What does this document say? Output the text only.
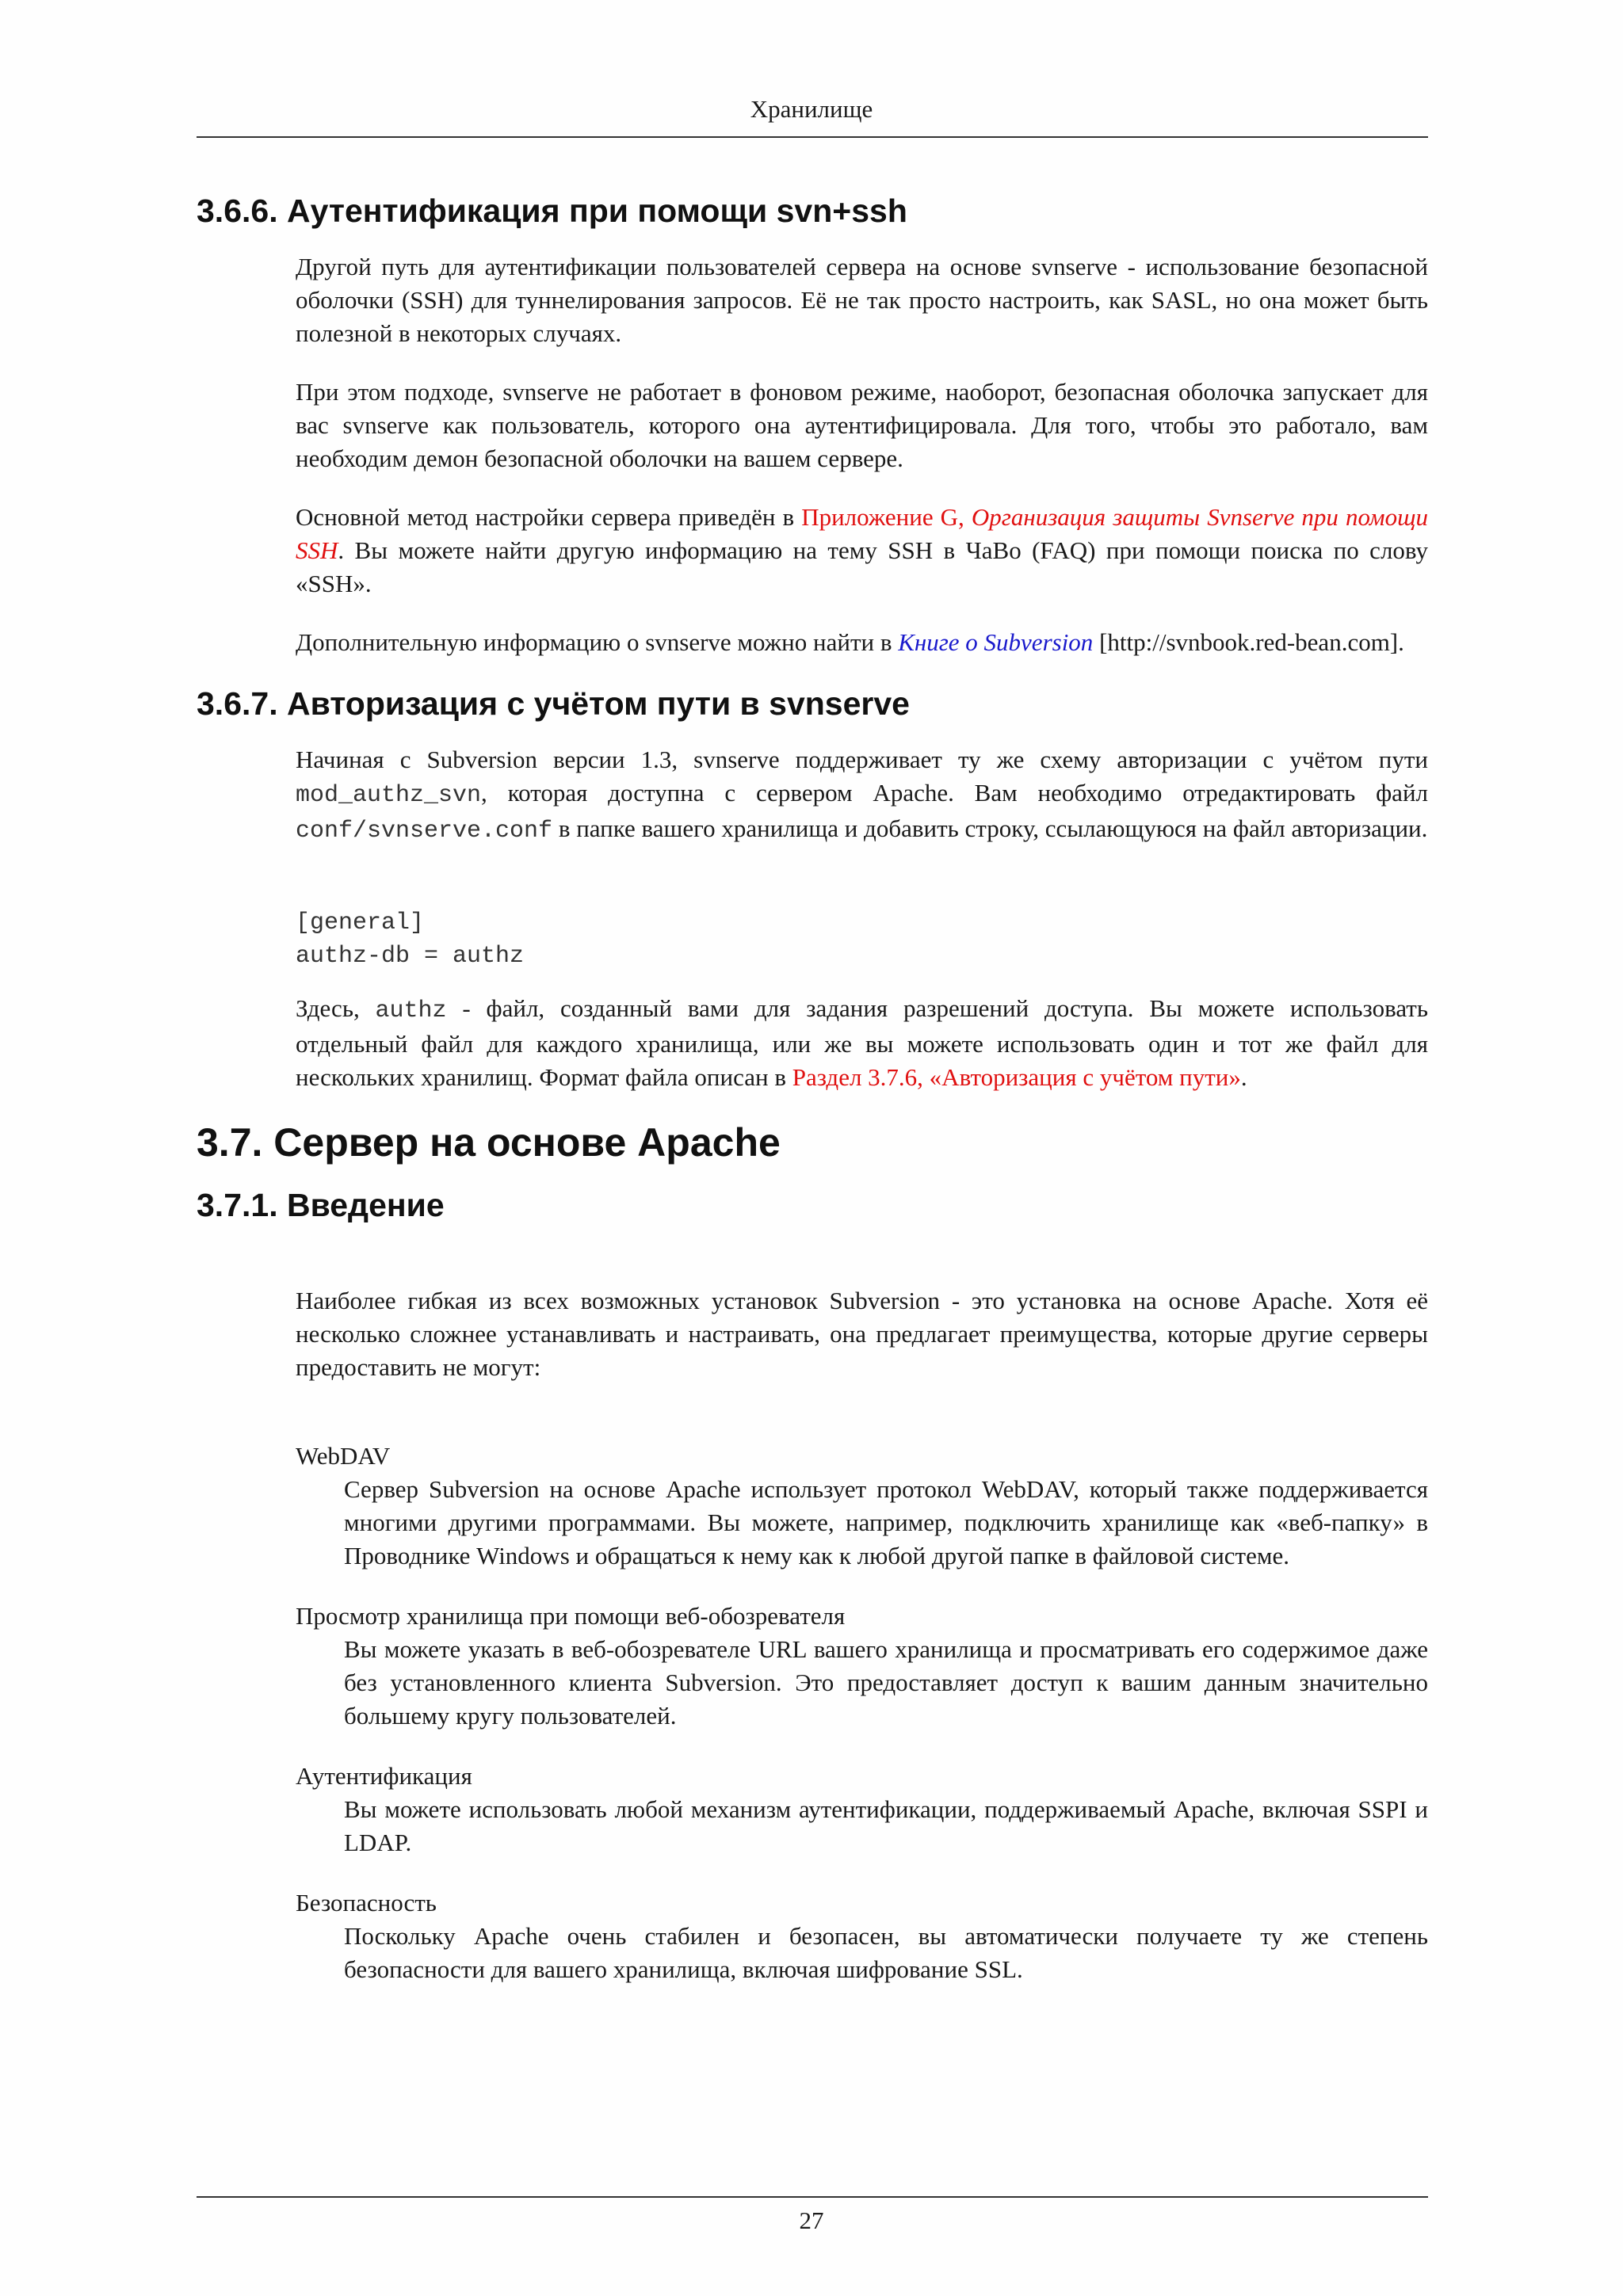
Хранилище
3.6.6. Аутентификация при помощи svn+ssh

Другой путь для аутентификации пользователей сервера на основе svnserve - использование безопасной оболочки (SSH) для туннелирования запросов. Её не так просто настроить, как SASL, но она может быть полезной в некоторых случаях.

При этом подходе, svnserve не работает в фоновом режиме, наоборот, безопасная оболочка запускает для вас svnserve как пользователь, которого она аутентифицировала. Для того, чтобы это работало, вам необходим демон безопасной оболочки на вашем сервере.

Основной метод настройки сервера приведён в Приложение G, Организация защиты Svnserve при помощи SSH. Вы можете найти другую информацию на тему SSH в ЧаВо (FAQ) при помощи поиска по слову «SSH».

Дополнительную информацию о svnserve можно найти в Книге о Subversion [http://svnbook.red-bean.com].

3.6.7. Авторизация с учётом пути в svnserve

Начиная с Subversion версии 1.3, svnserve поддерживает ту же схему авторизации с учётом пути mod_authz_svn, которая доступна с сервером Apache. Вам необходимо отредактировать файл conf/svnserve.conf в папке вашего хранилища и добавить строку, ссылающуюся на файл авторизации.

[general]
authz-db = authz

Здесь, authz - файл, созданный вами для задания разрешений доступа. Вы можете использовать отдельный файл для каждого хранилища, или же вы можете использовать один и тот же файл для нескольких хранилищ. Формат файла описан в Раздел 3.7.6, «Авторизация с учётом пути».

3.7. Сервер на основе Apache
3.7.1. Введение

Наиболее гибкая из всех возможных установок Subversion - это установка на основе Apache. Хотя её несколько сложнее устанавливать и настраивать, она предлагает преимущества, которые другие серверы предоставить не могут:

WebDAV
Сервер Subversion на основе Apache использует протокол WebDAV, который также поддерживается многими другими программами. Вы можете, например, подключить хранилище как «веб-папку» в Проводнике Windows и обращаться к нему как к любой другой папке в файловой системе.
Просмотр хранилища при помощи веб-обозревателя
Вы можете указать в веб-обозревателе URL вашего хранилища и просматривать его содержимое даже без установленного клиента Subversion. Это предоставляет доступ к вашим данным значительно большему кругу пользователей.
Аутентификация
Вы можете использовать любой механизм аутентификации, поддерживаемый Apache, включая SSPI и LDAP.
Безопасность
Поскольку Apache очень стабилен и безопасен, вы автоматически получаете ту же степень безопасности для вашего хранилища, включая шифрование SSL.
27
